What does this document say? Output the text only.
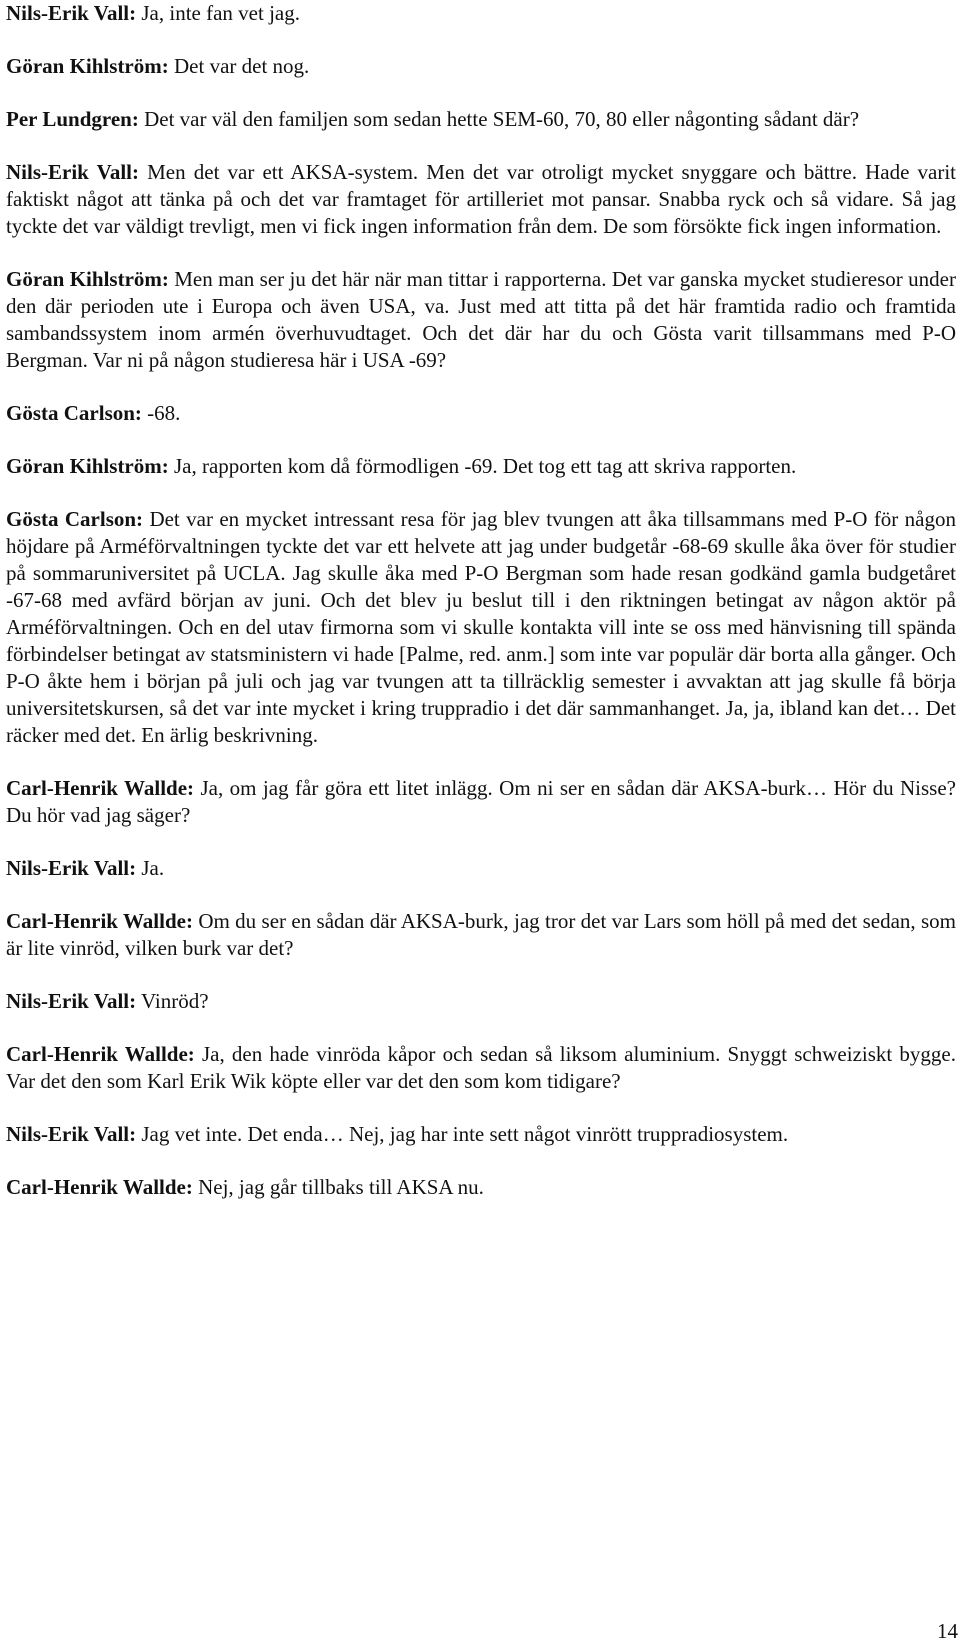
Nils-Erik Vall: Ja, inte fan vet jag.

Göran Kihlström: Det var det nog.

Per Lundgren: Det var väl den familjen som sedan hette SEM-60, 70, 80 eller någonting sådant där?

Nils-Erik Vall: Men det var ett AKSA-system. Men det var otroligt mycket snyggare och bättre. Hade varit faktiskt något att tänka på och det var framtaget för artilleriet mot pansar. Snabba ryck och så vidare. Så jag tyckte det var väldigt trevligt, men vi fick ingen information från dem. De som försökte fick ingen information.

Göran Kihlström: Men man ser ju det här när man tittar i rapporterna. Det var ganska mycket studieresor under den där perioden ute i Europa och även USA, va. Just med att titta på det här framtida radio och framtida sambandssystem inom armén överhuvudtaget. Och det där har du och Gösta varit tillsammans med P-O Bergman. Var ni på någon studieresa här i USA -69?

Gösta Carlson: -68.

Göran Kihlström: Ja, rapporten kom då förmodligen -69. Det tog ett tag att skriva rapporten.

Gösta Carlson: Det var en mycket intressant resa för jag blev tvungen att åka tillsammans med P-O för någon höjdare på Arméförvaltningen tyckte det var ett helvete att jag under budgetår -68-69 skulle åka över för studier på sommaruniversitet på UCLA. Jag skulle åka med P-O Bergman som hade resan godkänd gamla budgetåret -67-68 med avfärd början av juni. Och det blev ju beslut till i den riktningen betingat av någon aktör på Arméförvaltningen. Och en del utav firmorna som vi skulle kontakta vill inte se oss med hänvisning till spända förbindelser betingat av statsministern vi hade [Palme, red. anm.] som inte var populär där borta alla gånger. Och P-O åkte hem i början på juli och jag var tvungen att ta tillräcklig semester i avvaktan att jag skulle få börja universitetskursen, så det var inte mycket i kring truppradio i det där sammanhanget. Ja, ja, ibland kan det… Det räcker med det. En ärlig beskrivning.

Carl-Henrik Wallde: Ja, om jag får göra ett litet inlägg. Om ni ser en sådan där AKSA-burk… Hör du Nisse? Du hör vad jag säger?

Nils-Erik Vall: Ja.

Carl-Henrik Wallde: Om du ser en sådan där AKSA-burk, jag tror det var Lars som höll på med det sedan, som är lite vinröd, vilken burk var det?

Nils-Erik Vall: Vinröd?

Carl-Henrik Wallde: Ja, den hade vinröda kåpor och sedan så liksom aluminium. Snyggt schweiziskt bygge. Var det den som Karl Erik Wik köpte eller var det den som kom tidigare?

Nils-Erik Vall: Jag vet inte. Det enda… Nej, jag har inte sett något vinrött truppradiosystem.

Carl-Henrik Wallde: Nej, jag går tillbaks till AKSA nu.

14
